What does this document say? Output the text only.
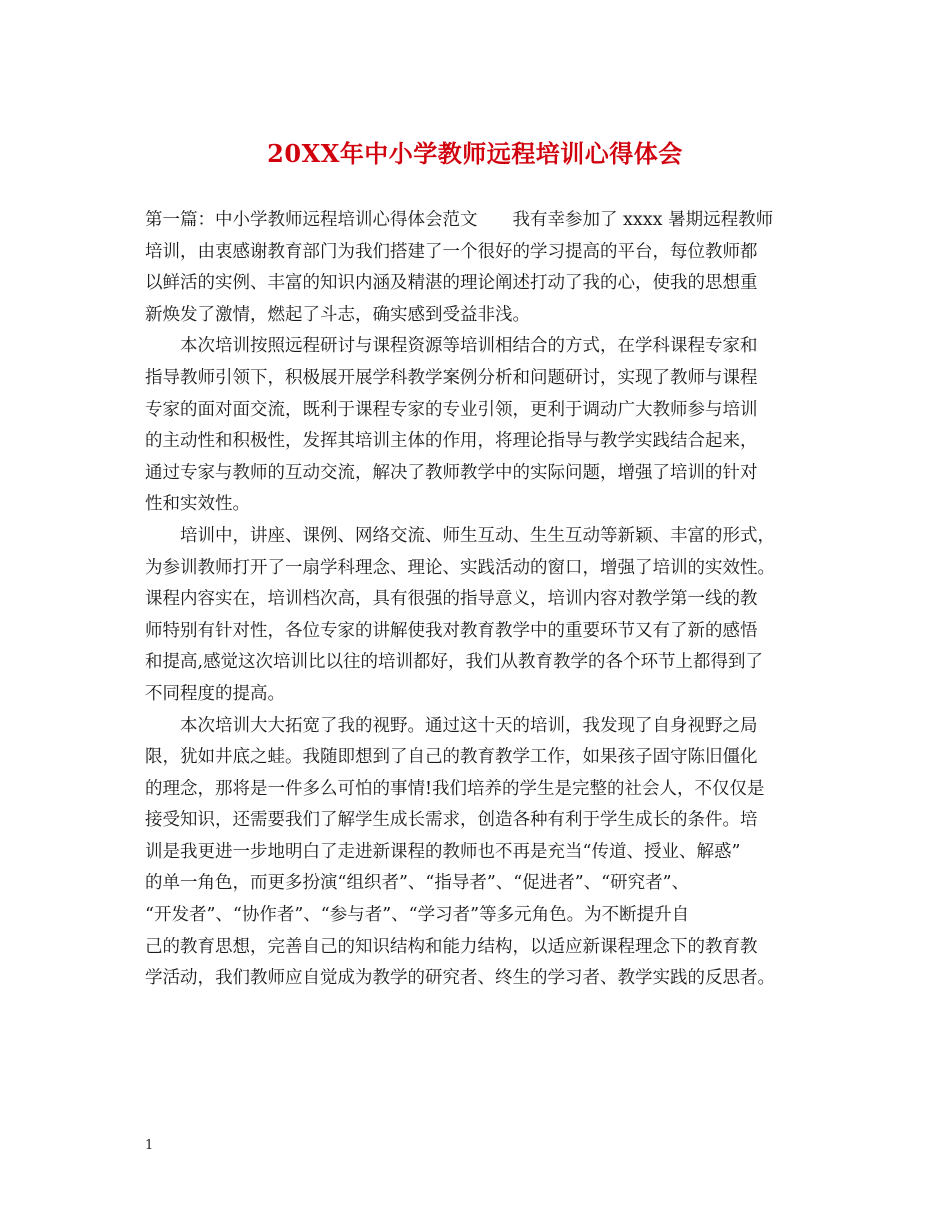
20XX年中小学教师远程培训心得体会
第一篇：中小学教师远程培训心得体会范文　　我有幸参加了 xxxx 暑期远程教师
培训，由衷感谢教育部门为我们搭建了一个很好的学习提高的平台，每位教师都
以鲜活的实例、丰富的知识内涵及精湛的理论阐述打动了我的心，使我的思想重
新焕发了激情，燃起了斗志，确实感到受益非浅。
本次培训按照远程研讨与课程资源等培训相结合的方式，在学科课程专家和
指导教师引领下，积极展开展学科教学案例分析和问题研讨，实现了教师与课程
专家的面对面交流，既利于课程专家的专业引领，更利于调动广大教师参与培训
的主动性和积极性，发挥其培训主体的作用，将理论指导与教学实践结合起来，
通过专家与教师的互动交流，解决了教师教学中的实际问题，增强了培训的针对
性和实效性。
培训中，讲座、课例、网络交流、师生互动、生生互动等新颖、丰富的形式，
为参训教师打开了一扇学科理念、理论、实践活动的窗口，增强了培训的实效性。
课程内容实在，培训档次高，具有很强的指导意义，培训内容对教学第一线的教
师特别有针对性，各位专家的讲解使我对教育教学中的重要环节又有了新的感悟
和提高,感觉这次培训比以往的培训都好，我们从教育教学的各个环节上都得到了
不同程度的提高。
本次培训大大拓宽了我的视野。通过这十天的培训，我发现了自身视野之局
限，犹如井底之蛙。我随即想到了自己的教育教学工作，如果孩子固守陈旧僵化
的理念，那将是一件多么可怕的事情!我们培养的学生是完整的社会人，不仅仅是
接受知识，还需要我们了解学生成长需求，创造各种有利于学生成长的条件。培
训是我更进一步地明白了走进新课程的教师也不再是充当“传道、授业、解惑”
的单一角色，而更多扮演“组织者”、“指导者”、“促进者”、“研究者”、
“开发者”、“协作者”、“参与者”、“学习者”等多元角色。为不断提升自
己的教育思想，完善自己的知识结构和能力结构，以适应新课程理念下的教育教
学活动，我们教师应自觉成为教学的研究者、终生的学习者、教学实践的反思者。
1
